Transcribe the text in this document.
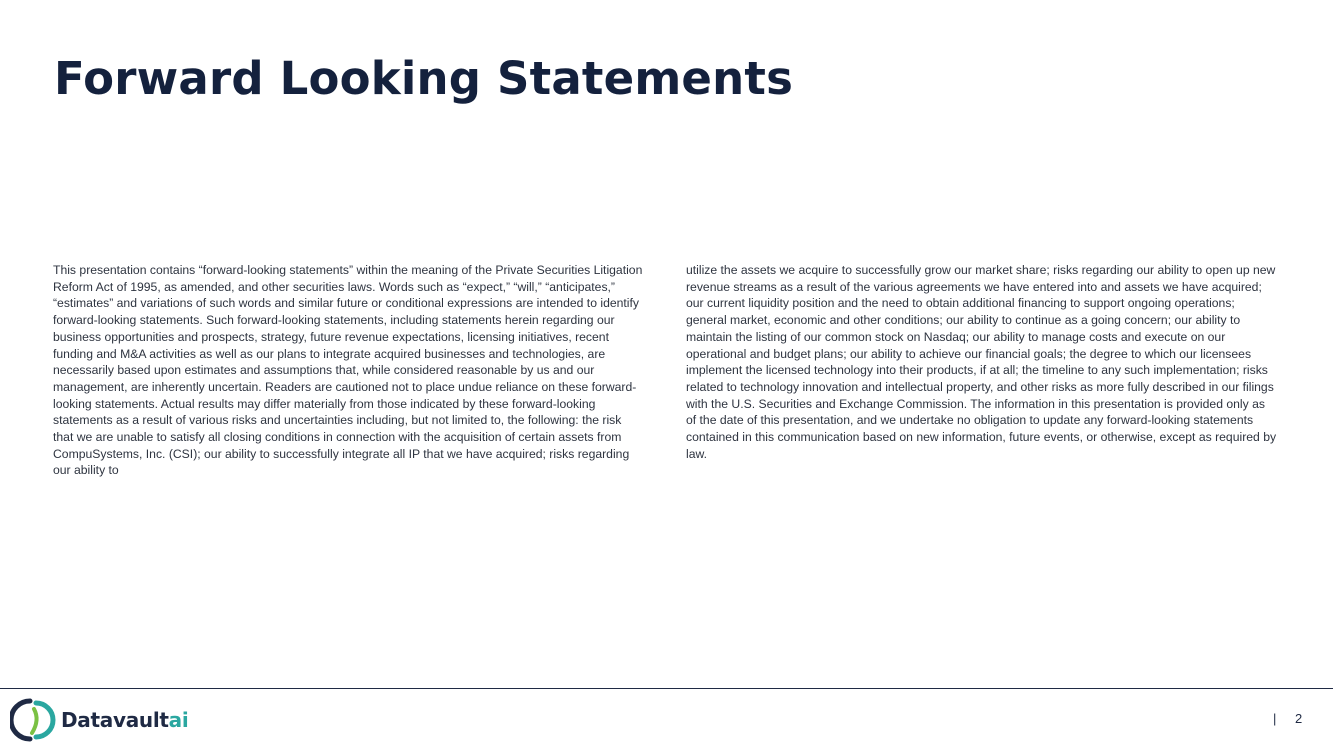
Forward Looking Statements
This presentation contains “forward-looking statements” within the meaning of the Private Securities Litigation Reform Act of 1995, as amended, and other securities laws. Words such as “expect,” “will,” “anticipates,” “estimates” and variations of such words and similar future or conditional expressions are intended to identify forward-looking statements. Such forward-looking statements, including statements herein regarding our business opportunities and prospects, strategy, future revenue expectations, licensing initiatives, recent funding and M&A activities as well as our plans to integrate acquired businesses and technologies, are necessarily based upon estimates and assumptions that, while considered reasonable by us and our management, are inherently uncertain. Readers are cautioned not to place undue reliance on these forward-looking statements. Actual results may differ materially from those indicated by these forward-looking statements as a result of various risks and uncertainties including, but not limited to, the following: the risk that we are unable to satisfy all closing conditions in connection with the acquisition of certain assets from CompuSystems, Inc. (CSI); our ability to successfully integrate all IP that we have acquired; risks regarding our ability to
utilize the assets we acquire to successfully grow our market share; risks regarding our ability to open up new revenue streams as a result of the various agreements we have entered into and assets we have acquired; our current liquidity position and the need to obtain additional financing to support ongoing operations; general market, economic and other conditions; our ability to continue as a going concern; our ability to maintain the listing of our common stock on Nasdaq; our ability to manage costs and execute on our operational and budget plans; our ability to achieve our financial goals; the degree to which our licensees implement the licensed technology into their products, if at all; the timeline to any such implementation; risks related to technology innovation and intellectual property, and other risks as more fully described in our filings with the U.S. Securities and Exchange Commission. The information in this presentation is provided only as of the date of this presentation, and we undertake no obligation to update any forward-looking statements contained in this communication based on new information, future events, or otherwise, except as required by law.
Datavaultai	| 2
